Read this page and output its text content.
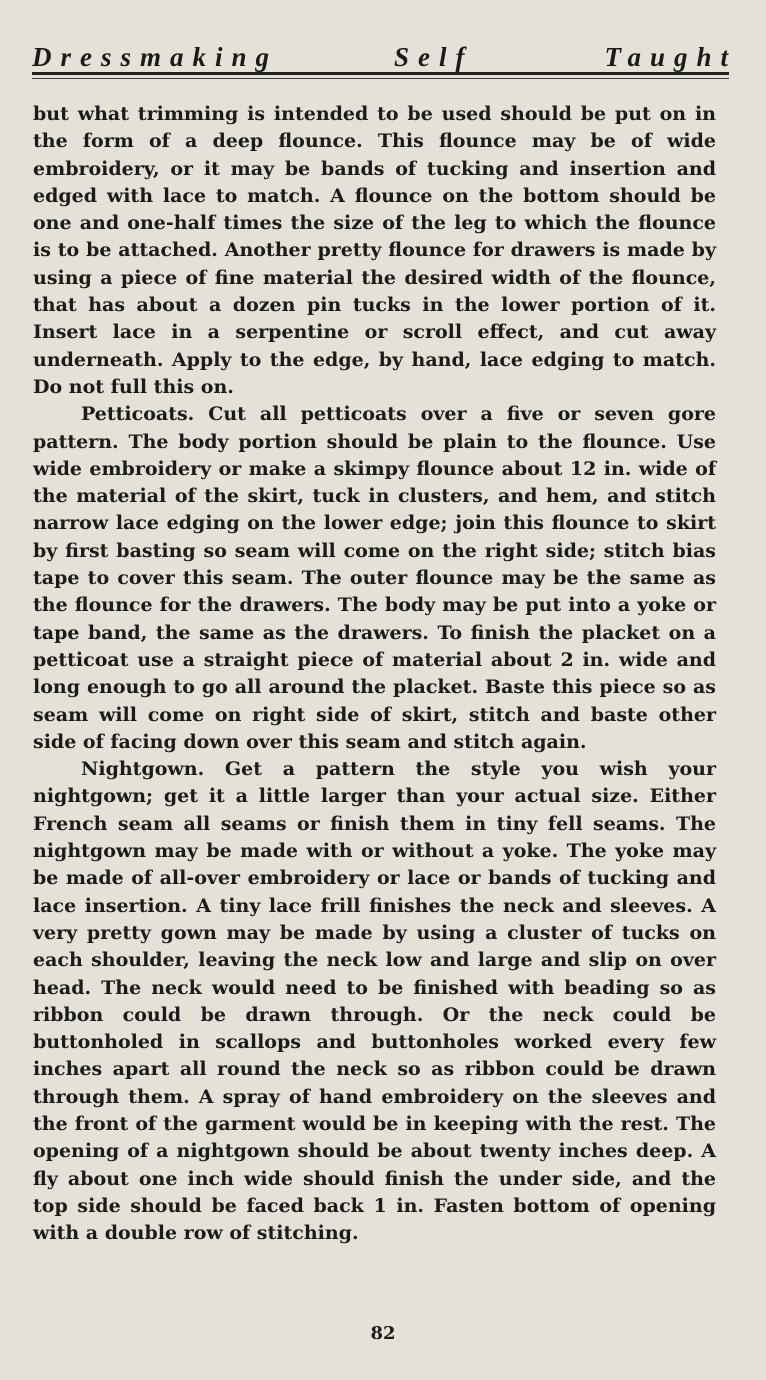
Dressmaking	Self	Taught

but what trimming is intended to be used should be put on in the form of a deep flounce. This flounce may be of wide embroidery, or it may be bands of tucking and insertion and edged with lace to match. A flounce on the bottom should be one and one-half times the size of the leg to which the flounce is to be attached. Another pretty flounce for drawers is made by using a piece of fine material the desired width of the flounce, that has about a dozen pin tucks in the lower portion of it. Insert lace in a serpentine or scroll effect, and cut away underneath. Apply to the edge, by hand, lace edging to match. Do not full this on.

Petticoats. Cut all petticoats over a five or seven gore pattern. The body portion should be plain to the flounce. Use wide embroidery or make a skimpy flounce about 12 in. wide of the material of the skirt, tuck in clusters, and hem, and stitch narrow lace edging on the lower edge; join this flounce to skirt by first basting so seam will come on the right side; stitch bias tape to cover this seam. The outer flounce may be the same as the flounce for the drawers. The body may be put into a yoke or tape band, the same as the drawers. To finish the placket on a petticoat use a straight piece of material about 2 in. wide and long enough to go all around the placket. Baste this piece so as seam will come on right side of skirt, stitch and baste other side of facing down over this seam and stitch again.

Nightgown. Get a pattern the style you wish your nightgown; get it a little larger than your actual size. Either French seam all seams or finish them in tiny fell seams. The nightgown may be made with or without a yoke. The yoke may be made of all-over embroidery or lace or bands of tucking and lace insertion. A tiny lace frill finishes the neck and sleeves. A very pretty gown may be made by using a cluster of tucks on each shoulder, leaving the neck low and large and slip on over head. The neck would need to be finished with beading so as ribbon could be drawn through. Or the neck could be buttonholed in scallops and buttonholes worked every few inches apart all round the neck so as ribbon could be drawn through them. A spray of hand embroidery on the sleeves and the front of the garment would be in keeping with the rest. The opening of a nightgown should be about twenty inches deep. A fly about one inch wide should finish the under side, and the top side should be faced back 1 in. Fasten bottom of opening with a double row of stitching.

82
